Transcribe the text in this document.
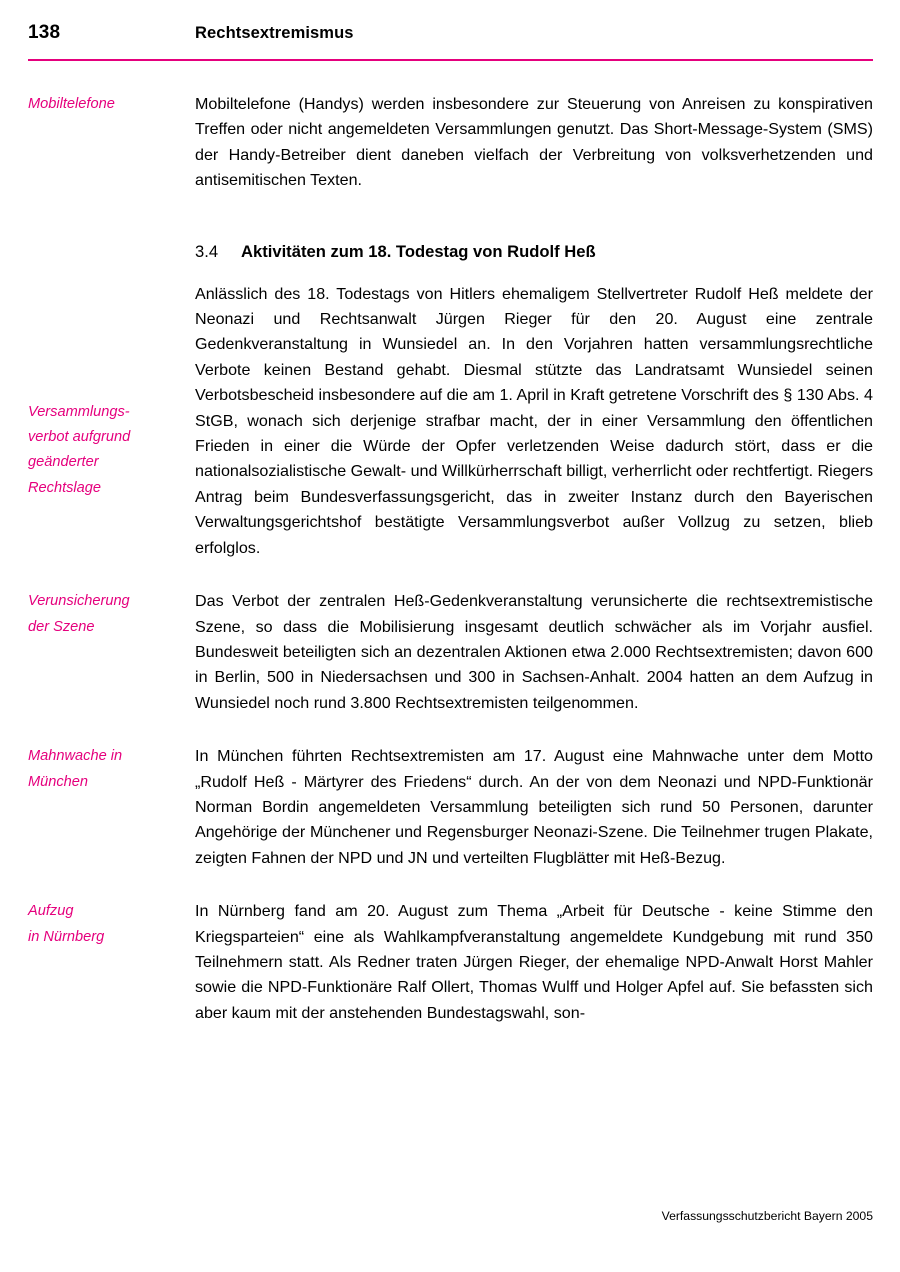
138	Rechtsextremismus
Mobiltelefone	Mobiltelefone (Handys) werden insbesondere zur Steuerung von Anreisen zu konspirativen Treffen oder nicht angemeldeten Versammlungen genutzt. Das Short-Message-System (SMS) der Handy-Betreiber dient daneben vielfach der Verbreitung von volksverhetzenden und antisemitischen Texten.

3.4	Aktivitäten zum 18. Todestag von Rudolf Heß
Versammlungs-
verbot aufgrund
geänderter
Rechtslage

Anlässlich des 18. Todestags von Hitlers ehemaligem Stellvertreter Rudolf Heß meldete der Neonazi und Rechtsanwalt Jürgen Rieger für den 20. August eine zentrale Gedenkveranstaltung in Wunsiedel an. In den Vorjahren hatten versammlungsrechtliche Verbote keinen Bestand gehabt. Diesmal stützte das Landratsamt Wunsiedel seinen Verbotsbescheid insbesondere auf die am 1. April in Kraft getretene Vorschrift des § 130 Abs. 4 StGB, wonach sich derjenige strafbar macht, der in einer Versammlung den öffentlichen Frieden in einer die Würde der Opfer verletzenden Weise dadurch stört, dass er die nationalsozialistische Gewalt- und Willkürherrschaft billigt, verherrlicht oder rechtfertigt. Riegers Antrag beim Bundesverfassungsgericht, das in zweiter Instanz durch den Bayerischen Verwaltungsgerichtshof bestätigte Versammlungsverbot außer Vollzug zu setzen, blieb erfolglos.

Verunsicherung
der Szene

Das Verbot der zentralen Heß-Gedenkveranstaltung verunsicherte die rechtsextremistische Szene, so dass die Mobilisierung insgesamt deutlich schwächer als im Vorjahr ausfiel. Bundesweit beteiligten sich an dezentralen Aktionen etwa 2.000 Rechtsextremisten; davon 600 in Berlin, 500 in Niedersachsen und 300 in Sachsen-Anhalt. 2004 hatten an dem Aufzug in Wunsiedel noch rund 3.800 Rechtsextremisten teilgenommen.

Mahnwache in
München

In München führten Rechtsextremisten am 17. August eine Mahnwache unter dem Motto „Rudolf Heß - Märtyrer des Friedens“ durch. An der von dem Neonazi und NPD-Funktionär Norman Bordin angemeldeten Versammlung beteiligten sich rund 50 Personen, darunter Angehörige der Münchener und Regensburger Neonazi-Szene. Die Teilnehmer trugen Plakate, zeigten Fahnen der NPD und JN und verteilten Flugblätter mit Heß-Bezug.

Aufzug
in Nürnberg

In Nürnberg fand am 20. August zum Thema „Arbeit für Deutsche - keine Stimme den Kriegsparteien“ eine als Wahlkampfveranstaltung angemeldete Kundgebung mit rund 350 Teilnehmern statt. Als Redner traten Jürgen Rieger, der ehemalige NPD-Anwalt Horst Mahler sowie die NPD-Funktionäre Ralf Ollert, Thomas Wulff und Holger Apfel auf. Sie befassten sich aber kaum mit der anstehenden Bundestagswahl, son-

Verfassungsschutzbericht Bayern 2005
